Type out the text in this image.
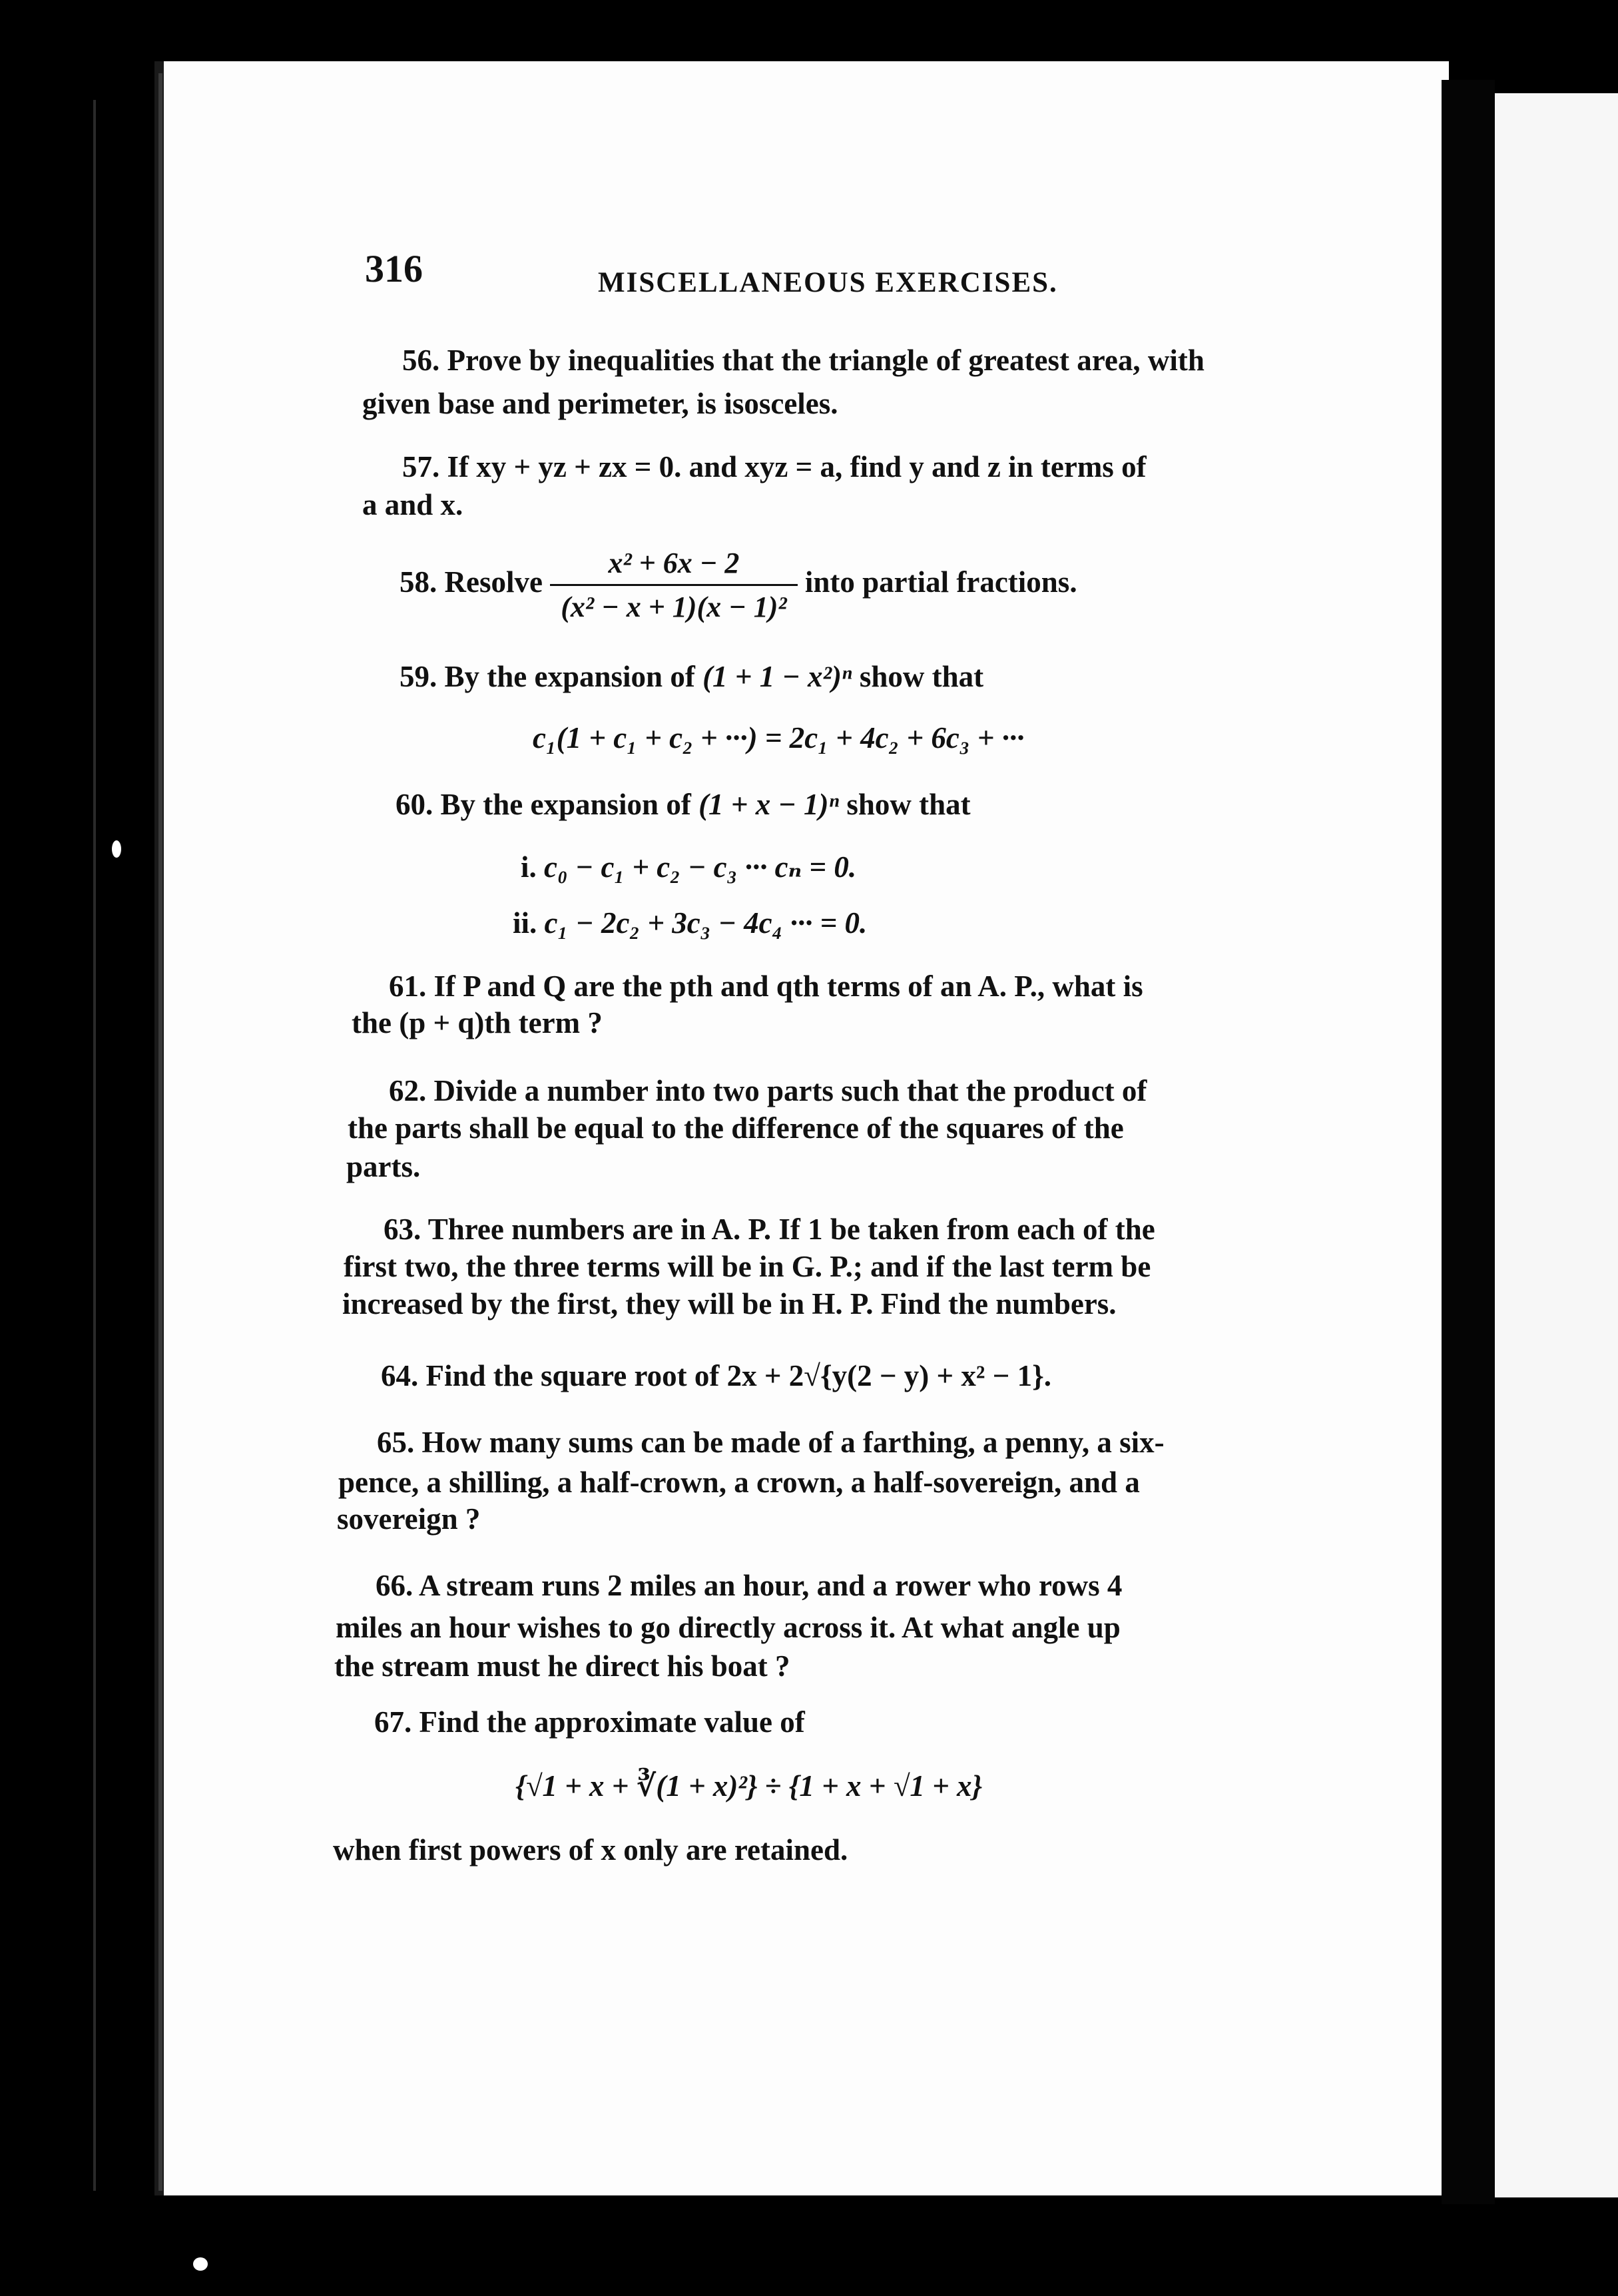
316	MISCELLANEOUS EXERCISES.
56. Prove by inequalities that the triangle of greatest area, with
given base and perimeter, is isosceles.
57. If xy + yz + zx = 0. and xyz = a, find y and z in terms of
a and x.
58. Resolve $\frac{\text{x² + 6x − 2}}{\text{(x² − x + 1)(x − 1)²}}$ into partial fractions.
59. By the expansion of (1 + 1 − x²)ⁿ show that
c₁(1 + c₁ + c₂ + ···) = 2c₁ + 4c₂ + 6c₃ + ···
60. By the expansion of (1 + x − 1)ⁿ show that
i. c₀ − c₁ + c₂ − c₃ ··· cₙ = 0.
ii. c₁ − 2c₂ + 3c₃ − 4c₄ ··· = 0.
61. If P and Q are the pth and qth terms of an A. P., what is
the (p + q)th term ?
62. Divide a number into two parts such that the product of
the parts shall be equal to the difference of the squares of the
parts.
63. Three numbers are in A. P. If 1 be taken from each of the
first two, the three terms will be in G. P.; and if the last term be
increased by the first, they will be in H. P. Find the numbers.
64. Find the square root of 2x + 2√{y(2 − y) + x² − 1}.
65. How many sums can be made of a farthing, a penny, a six-
pence, a shilling, a half-crown, a crown, a half-sovereign, and a
sovereign ?
66. A stream runs 2 miles an hour, and a rower who rows 4
miles an hour wishes to go directly across it. At what angle up
the stream must he direct his boat ?
67. Find the approximate value of
{√1 + x + ∛(1 + x)²} ÷ {1 + x + √1 + x}
when first powers of x only are retained.
